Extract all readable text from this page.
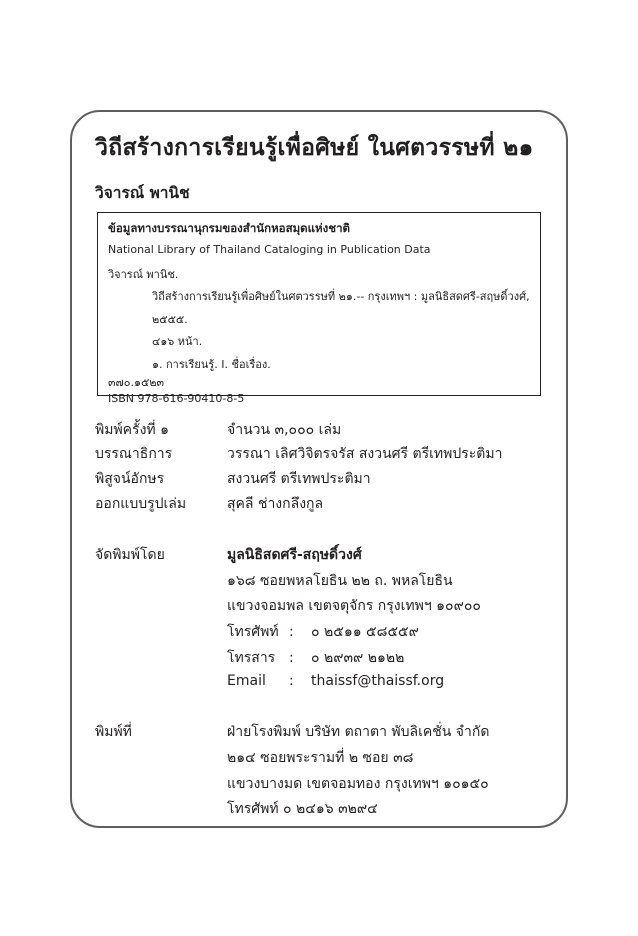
วิถีสร้างการเรียนรู้เพื่อศิษย์ ในศตวรรษที่ ๒๑
วิจารณ์ พานิช
ข้อมูลทางบรรณานุกรมของสำนักหอสมุดแห่งชาติ
National Library of Thailand Cataloging in Publication Data
วิจารณ์ พานิช.
วิถีสร้างการเรียนรู้เพื่อศิษย์ในศตวรรษที่ ๒๑.-- กรุงเทพฯ : มูลนิธิสดศรี-สฤษดิ์วงศ์,
๒๕๕๕.
๔๑๖ หน้า.
๑. การเรียนรู้. I. ชื่อเรื่อง.
๓๗๐.๑๕๒๓
ISBN 978-616-90410-8-5
พิมพ์ครั้งที่ ๑	จำนวน ๓,๐๐๐ เล่ม
บรรณาธิการ	วรรณา เลิศวิจิตรจรัส สงวนศรี ตรีเทพประติมา
พิสูจน์อักษร	สงวนศรี ตรีเทพประติมา
ออกแบบรูปเล่ม	สุคลี ช่างกลึงกูล
จัดพิมพ์โดย	มูลนิธิสดศรี-สฤษดิ์วงศ์
๑๖๘ ซอยพหลโยธิน ๒๒ ถ. พหลโยธิน
แขวงจอมพล เขตจตุจักร กรุงเทพฯ ๑๐๙๐๐
โทรศัพท์ : ๐ ๒๕๑๑ ๕๘๕๕๙
โทรสาร : ๐ ๒๙๓๙ ๒๑๒๒
Email : thaissf@thaissf.org
พิมพ์ที่	ฝ่ายโรงพิมพ์ บริษัท ตถาตา พับลิเคชั่น จำกัด
๒๑๔ ซอยพระรามที่ ๒ ซอย ๓๘
แขวงบางมด เขตจอมทอง กรุงเทพฯ ๑๐๑๕๐
โทรศัพท์ ๐ ๒๔๑๖ ๓๒๙๔
